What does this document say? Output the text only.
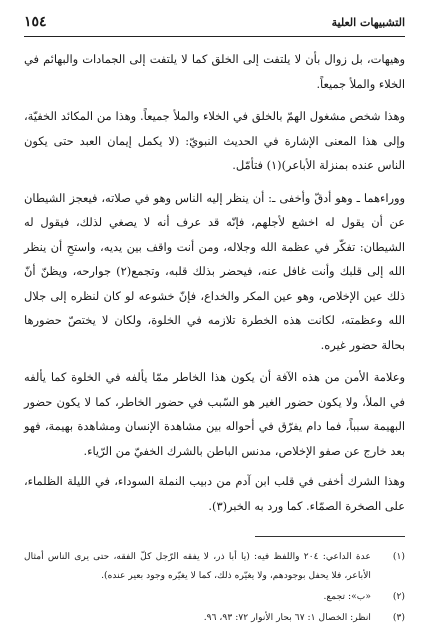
التشبيهات العلية
١٥٤

وهيهات، بل زوال بأن لا يلتفت إلى الخلق كما لا يلتفت إلى الجمادات والبهائم في الخلاء والملأ جميعاً.

وهذا شخص مشغول الهمّ بالخلق في الخلاء والملأ جميعاً. وهذا من المكائد الخفيّة، وإلى هذا المعنى الإشارة في الحديث النبويّ: (لا يكمل إيمان العبد حتى يكون الناس عنده بمنزلة الأباعر)(١) فتأمّل.

ووراءهما ـ وهو أدقّ وأخفى ـ: أن ينظر إليه الناس وهو في صلاته، فيعجز الشيطان عن أن يقول له اخشع لأجلهم، فإنّه قد عرف أنه لا يصغي لذلك، فيقول له الشيطان: تفكّر في عظمة الله وجلاله، ومن أنت واقف بين يديه، واستحِ أن ينظر الله إلى قلبك وأنت غافل عنه، فيحضر بذلك قلبه، وتجمع(٢) جوارحه، ويظنّ أنّ ذلك عين الإخلاص، وهو عين المكر والخداع، فإنّ خشوعه لو كان لنظره إلى جلال الله وعظمته، لكانت هذه الخطرة تلازمه في الخلوة، ولكان لا يختصّ حضورها بحالة حضور غيره.

وعلامة الأمن من هذه الآفة أن يكون هذا الخاطر ممّا يألفه في الخلوة كما يألفه في الملأ، ولا يكون حضور الغير هو السّبب في حضور الخاطر، كما لا يكون حضور البهيمة سبباً، فما دام يفرّق في أحواله بين مشاهدة الإنسان ومشاهدة بهيمة، فهو بعد خارج عن صفو الإخلاص، مدنس الباطن بالشرك الخفيّ من الرّياء.

وهذا الشرك أخفى في قلب ابن آدم من دبيب النملة السوداء، في الليلة الظلماء، على الصخرة الصمّاء. كما ورد به الخبر(٣).

(١)
عدة الداعي: ٢٠٤ واللفظ فيه: (يا أبا ذر، لا يفقه الرّجل كلّ الفقه، حتى يرى الناس أمثال الأباعر، فلا يحفل بوجودهم، ولا يغيّره ذلك، كما لا يغيّره وجود بعير عنده).
(٢)
«ب»: تجمع.
(٣)
انظر: الخصال ١: ٦٧ بحار الأنوار ٧٢: ٩٣، ٩٦.
